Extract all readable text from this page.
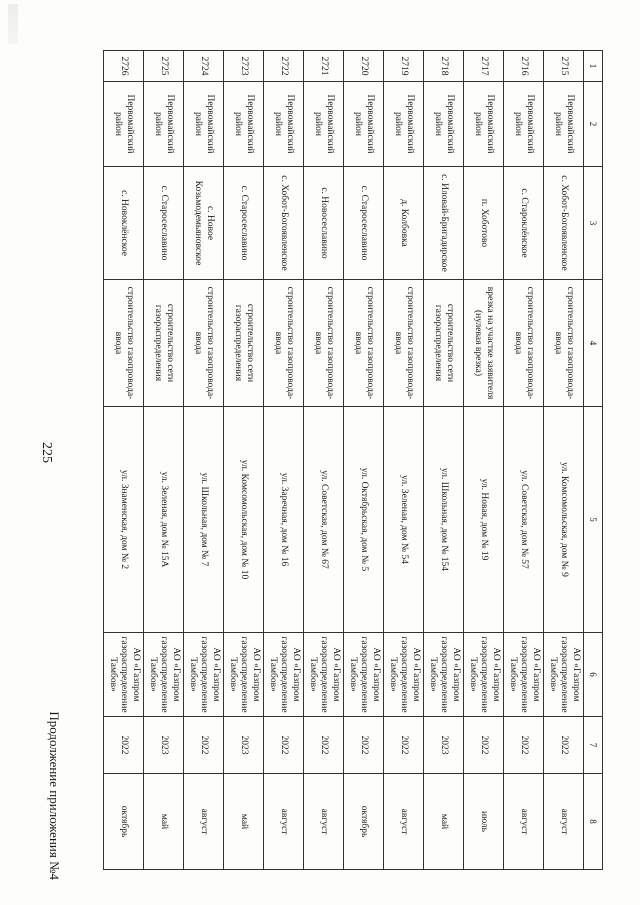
225
Продолжение приложения №4
1	2	3	4	5	6	7	8
2715	Первомайский район	с. Хобот-Богоявленское	строительство газопровода-ввода	ул. Комсомольская, дом № 9	АО «Газпром газораспределение Тамбов»	2022	август
2716	Первомайский район	с. Староклёнское	строительство газопровода-ввода	ул. Советская, дом № 57	АО «Газпром газораспределение Тамбов»	2022	август
2717	Первомайский район	п. Хоботово	врезка на участке заявителя (нулевая врезка)	ул. Новая, дом № 19	АО «Газпром газораспределение Тамбов»	2022	июль
2718	Первомайский район	с. Иловай-Бригадирское	строительство сети газораспределения	ул. Школьная, дом № 154	АО «Газпром газораспределение Тамбов»	2023	май
2719	Первомайский район	д. Колбовка	строительство газопровода-ввода	ул. Зеленая, дом № 54	АО «Газпром газораспределение Тамбов»	2022	август
2720	Первомайский район	с. Старосеславино	строительство газопровода-ввода	ул. Октябрьская, дом № 5	АО «Газпром газораспределение Тамбов»	2022	октябрь
2721	Первомайский район	с. Новосеславино	строительство газопровода-ввода	ул. Советская, дом № 67	АО «Газпром газораспределение Тамбов»	2022	август
2722	Первомайский район	с. Хобот-Богоявленское	строительство газопровода-ввода	ул. Заречная, дом № 16	АО «Газпром газораспределение Тамбов»	2022	август
2723	Первомайский район	с. Старосеславино	строительство сети газораспределения	ул. Комсомольская, дом № 10	АО «Газпром газораспределение Тамбов»	2023	май
2724	Первомайский район	с. Новое Козьмодемьяновское	строительство газопровода-ввода	ул. Школьная, дом № 7	АО «Газпром газораспределение Тамбов»	2022	август
2725	Первомайский район	с. Старосеславино	строительство сети газораспределения	ул. Зеленая, дом № 15А	АО «Газпром газораспределение Тамбов»	2023	май
2726	Первомайский район	с. Новоклёнское	строительство газопровода-ввода	ул. Знаменская, дом № 2	АО «Газпром газораспределение Тамбов»	2022	октябрь
